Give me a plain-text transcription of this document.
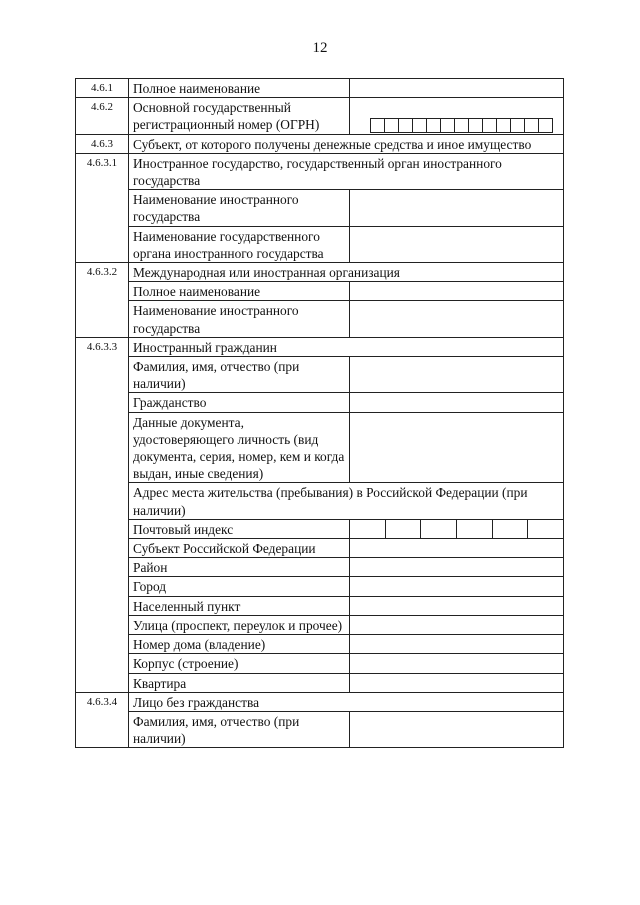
12
4.6.1	Полное наименование	
4.6.2	Основной государственный регистрационный номер (ОГРН)	

4.6.3	Субъект, от которого получены денежные средства и иное имущество	
4.6.3.1	Иностранное государство, государственный орган иностранного государства	
	Наименование иностранного государства	
	Наименование государственного органа иностранного государства	
4.6.3.2	Международная или иностранная организация	
	Полное наименование	
	Наименование иностранного государства	
4.6.3.3	Иностранный гражданин	
	Фамилия, имя, отчество (при наличии)	
	Гражданство	
	Данные документа, удостоверяющего личность (вид документа, серия, номер, кем и когда выдан, иные сведения)	
	Адрес места жительства (пребывания) в Российской Федерации (при наличии)	
	Почтовый индекс	

	Субъект Российской Федерации	
	Район	
	Город	
	Населенный пункт	
	Улица (проспект, переулок и прочее)	
	Номер дома (владение)	
	Корпус (строение)	
	Квартира	
4.6.3.4	Лицо без гражданства	
	Фамилия, имя, отчество (при наличии)	
